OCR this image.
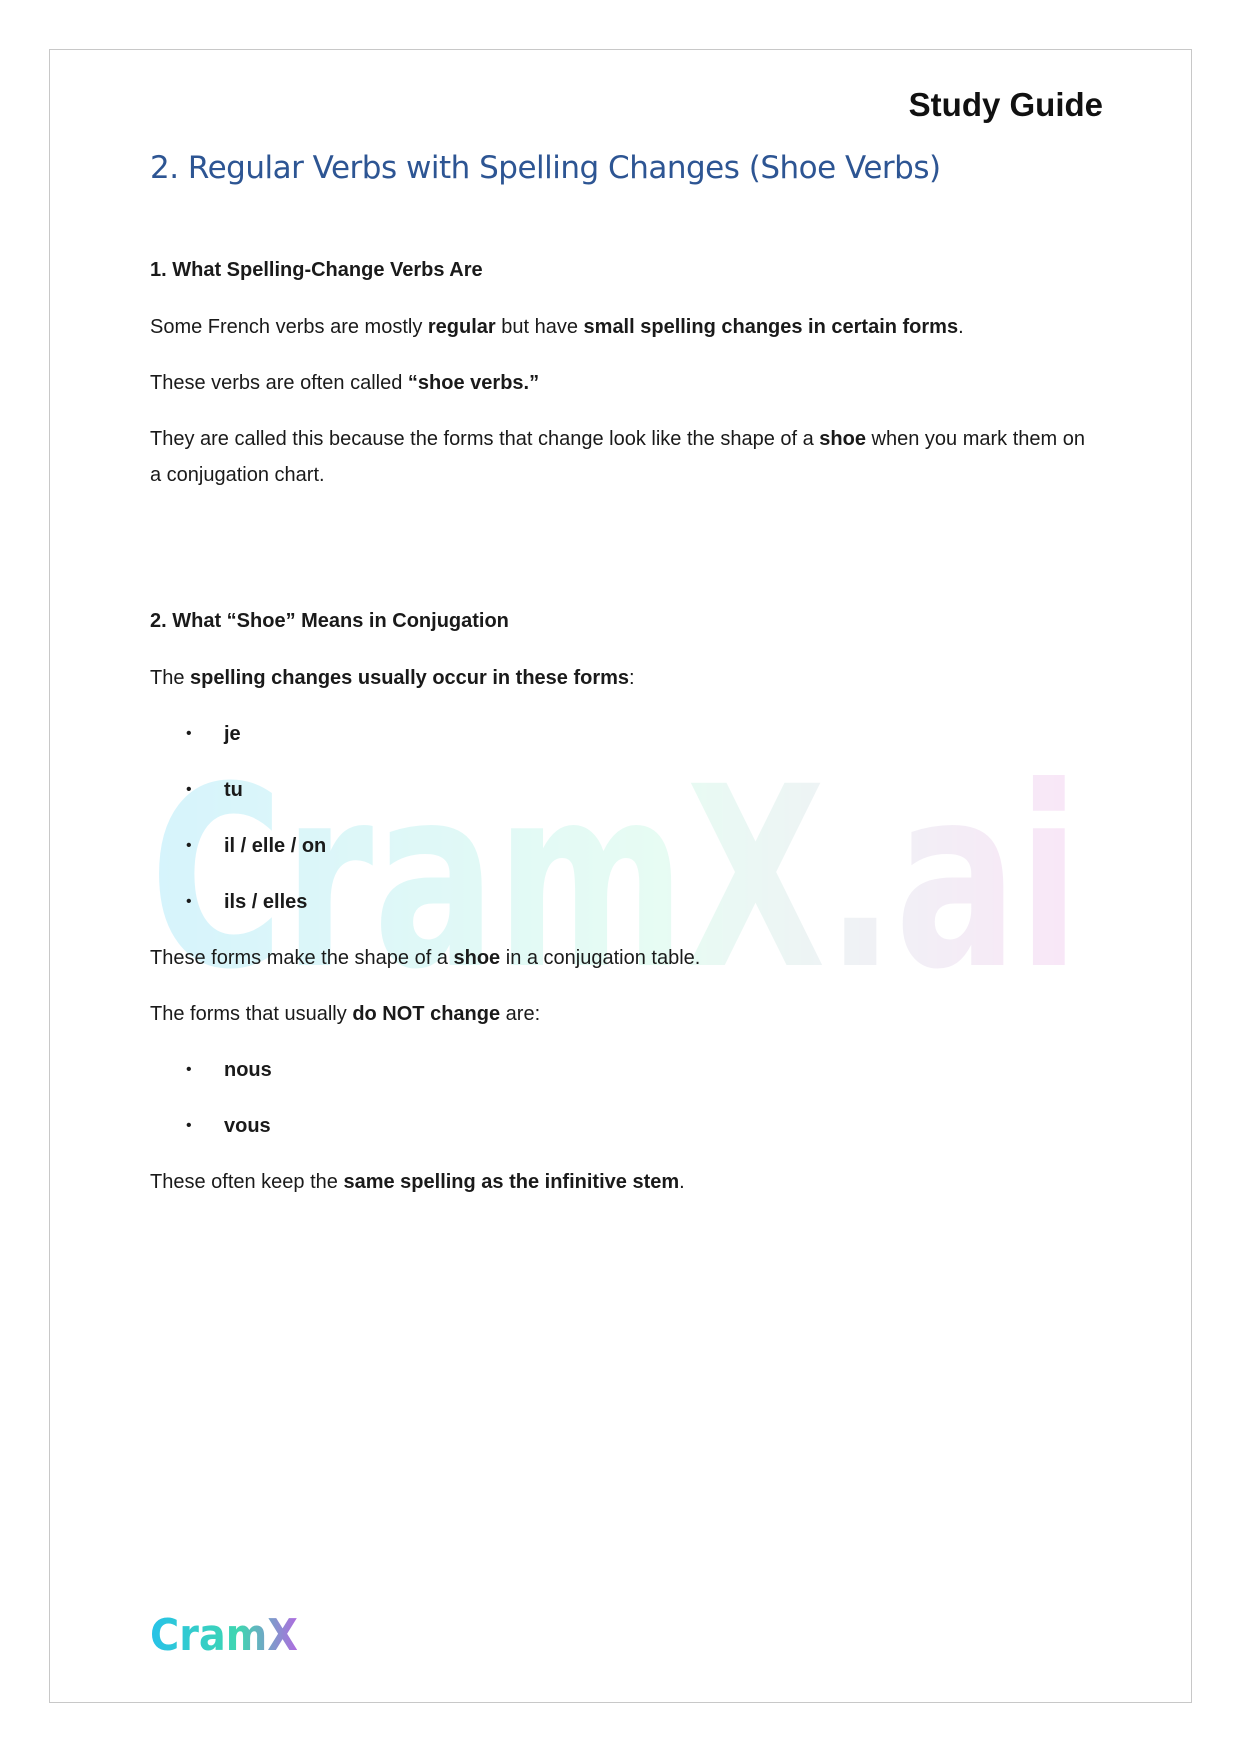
CramX.ai
Study Guide
2. Regular Verbs with Spelling Changes (Shoe Verbs)

1. What Spelling-Change Verbs Are

Some French verbs are mostly regular but have small spelling changes in certain forms.

These verbs are often called “shoe verbs.”

They are called this because the forms that change look like the shape of a shoe when you mark them on a conjugation chart.

2. What “Shoe” Means in Conjugation

The spelling changes usually occur in these forms:

• je
• tu
• il / elle / on
• ils / elles

These forms make the shape of a shoe in a conjugation table.

The forms that usually do NOT change are:

• nous
• vous

These often keep the same spelling as the infinitive stem.

CramX
